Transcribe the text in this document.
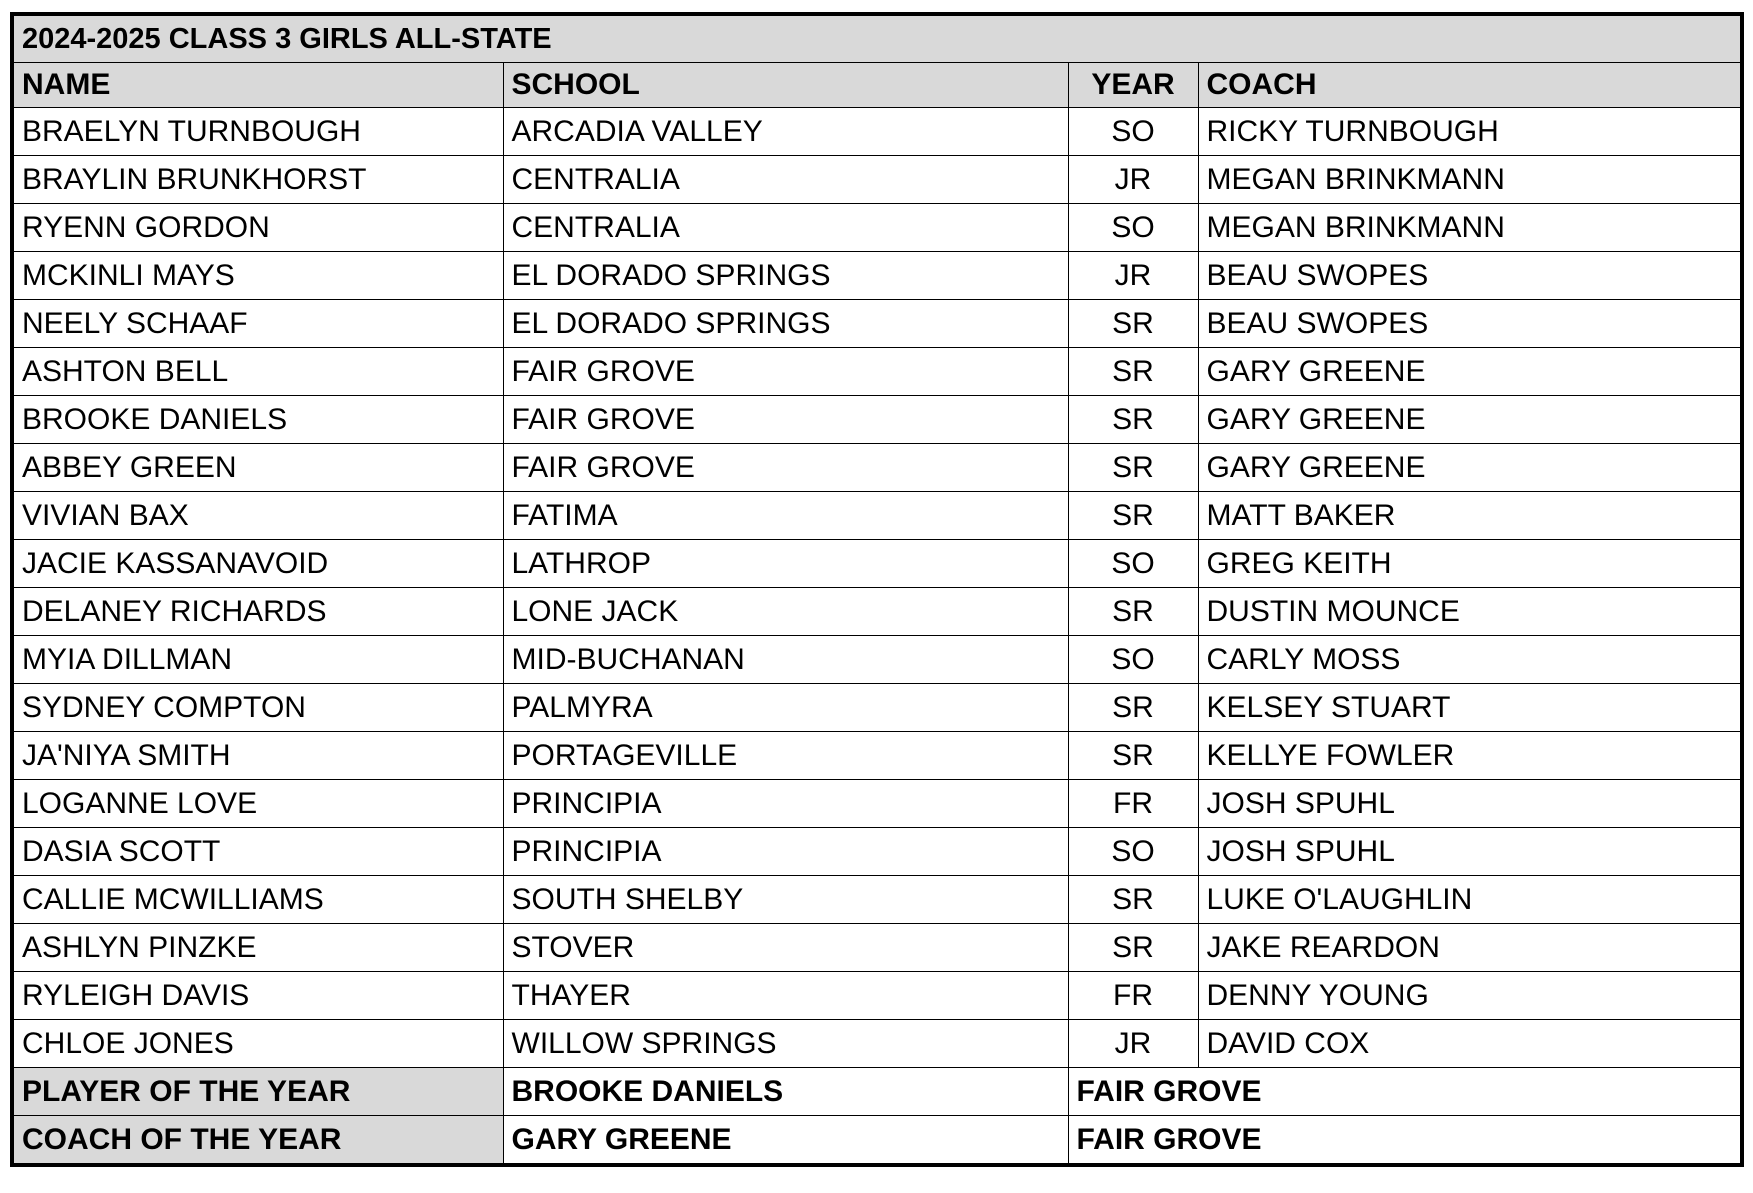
2024-2025 CLASS 3 GIRLS ALL-STATE			
NAME	SCHOOL	YEAR	COACH
BRAELYN TURNBOUGH	ARCADIA VALLEY	SO	RICKY TURNBOUGH
BRAYLIN BRUNKHORST	CENTRALIA	JR	MEGAN BRINKMANN
RYENN GORDON	CENTRALIA	SO	MEGAN BRINKMANN
MCKINLI MAYS	EL DORADO SPRINGS	JR	BEAU SWOPES
NEELY SCHAAF	EL DORADO SPRINGS	SR	BEAU SWOPES
ASHTON BELL	FAIR GROVE	SR	GARY GREENE
BROOKE DANIELS	FAIR GROVE	SR	GARY GREENE
ABBEY GREEN	FAIR GROVE	SR	GARY GREENE
VIVIAN BAX	FATIMA	SR	MATT BAKER
JACIE KASSANAVOID	LATHROP	SO	GREG KEITH
DELANEY RICHARDS	LONE JACK	SR	DUSTIN MOUNCE
MYIA DILLMAN	MID-BUCHANAN	SO	CARLY MOSS
SYDNEY COMPTON	PALMYRA	SR	KELSEY STUART
JA'NIYA SMITH	PORTAGEVILLE	SR	KELLYE FOWLER
LOGANNE LOVE	PRINCIPIA	FR	JOSH SPUHL
DASIA SCOTT	PRINCIPIA	SO	JOSH SPUHL
CALLIE MCWILLIAMS	SOUTH SHELBY	SR	LUKE O'LAUGHLIN
ASHLYN PINZKE	STOVER	SR	JAKE REARDON
RYLEIGH DAVIS	THAYER	FR	DENNY YOUNG
CHLOE JONES	WILLOW SPRINGS	JR	DAVID COX
PLAYER OF THE YEAR	BROOKE DANIELS	FAIR GROVE	
COACH OF THE YEAR	GARY GREENE	FAIR GROVE	
